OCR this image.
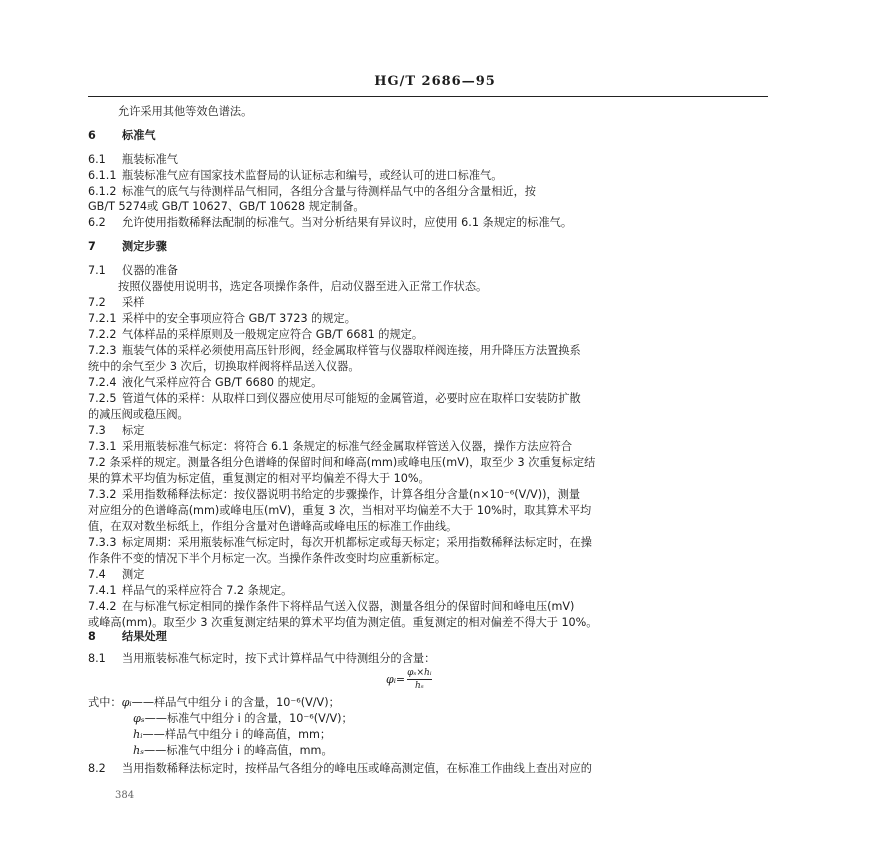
HG/T 2686—95
允许采用其他等效色谱法。
6 标准气
6.1 瓶装标准气
6.1.1 瓶装标准气应有国家技术监督局的认证标志和编号，或经认可的进口标准气。
6.1.2 标准气的底气与待测样品气相同，各组分含量与待测样品气中的各组分含量相近，按
GB/T 5274或 GB/T 10627、GB/T 10628 规定制备。
6.2 允许使用指数稀释法配制的标准气。当对分析结果有异议时，应使用 6.1 条规定的标准气。
7 测定步骤
7.1 仪器的准备
按照仪器使用说明书，选定各项操作条件，启动仪器至进入正常工作状态。
7.2 采样
7.2.1 采样中的安全事项应符合 GB/T 3723 的规定。
7.2.2 气体样品的采样原则及一般规定应符合 GB/T 6681 的规定。
7.2.3 瓶装气体的采样必须使用高压针形阀，经金属取样管与仪器取样阀连接，用升降压方法置换系
统中的余气至少 3 次后，切换取样阀将样品送入仪器。
7.2.4 液化气采样应符合 GB/T 6680 的规定。
7.2.5 管道气体的采样：从取样口到仪器应使用尽可能短的金属管道，必要时应在取样口安装防扩散
的减压阀或稳压阀。
7.3 标定
7.3.1 采用瓶装标准气标定：将符合 6.1 条规定的标准气经金属取样管送入仪器，操作方法应符合
7.2 条采样的规定。测量各组分色谱峰的保留时间和峰高(mm)或峰电压(mV)，取至少 3 次重复标定结
果的算术平均值为标定值，重复测定的相对平均偏差不得大于 10%。
7.3.2 采用指数稀释法标定：按仪器说明书给定的步骤操作，计算各组分含量(n×10⁻⁶(V/V))，测量
对应组分的色谱峰高(mm)或峰电压(mV)，重复 3 次，当相对平均偏差不大于 10%时，取其算术平均
值，在双对数坐标纸上，作组分含量对色谱峰高或峰电压的标准工作曲线。
7.3.3 标定周期：采用瓶装标准气标定时，每次开机都标定或每天标定；采用指数稀释法标定时，在操
作条件不变的情况下半个月标定一次。当操作条件改变时均应重新标定。
7.4 测定
7.4.1 样品气的采样应符合 7.2 条规定。
7.4.2 在与标准气标定相同的操作条件下将样品气送入仪器，测量各组分的保留时间和峰电压(mV)
或峰高(mm)。取至少 3 次重复测定结果的算术平均值为测定值。重复测定的相对偏差不得大于 10%。
8 结果处理
8.1 当用瓶装标准气标定时，按下式计算样品气中待测组分的含量：
φᵢ= $\frac{\text{φₛ×hᵢ}}{\text{hₛ}}$
式中：φᵢ——样品气中组分 i 的含量，10⁻⁶(V/V)；
φₛ——标准气中组分 i 的含量，10⁻⁶(V/V)；
hᵢ——样品气中组分 i 的峰高值，mm；
hₛ——标准气中组分 i 的峰高值，mm。
8.2 当用指数稀释法标定时，按样品气各组分的峰电压或峰高测定值，在标准工作曲线上查出对应的
384
